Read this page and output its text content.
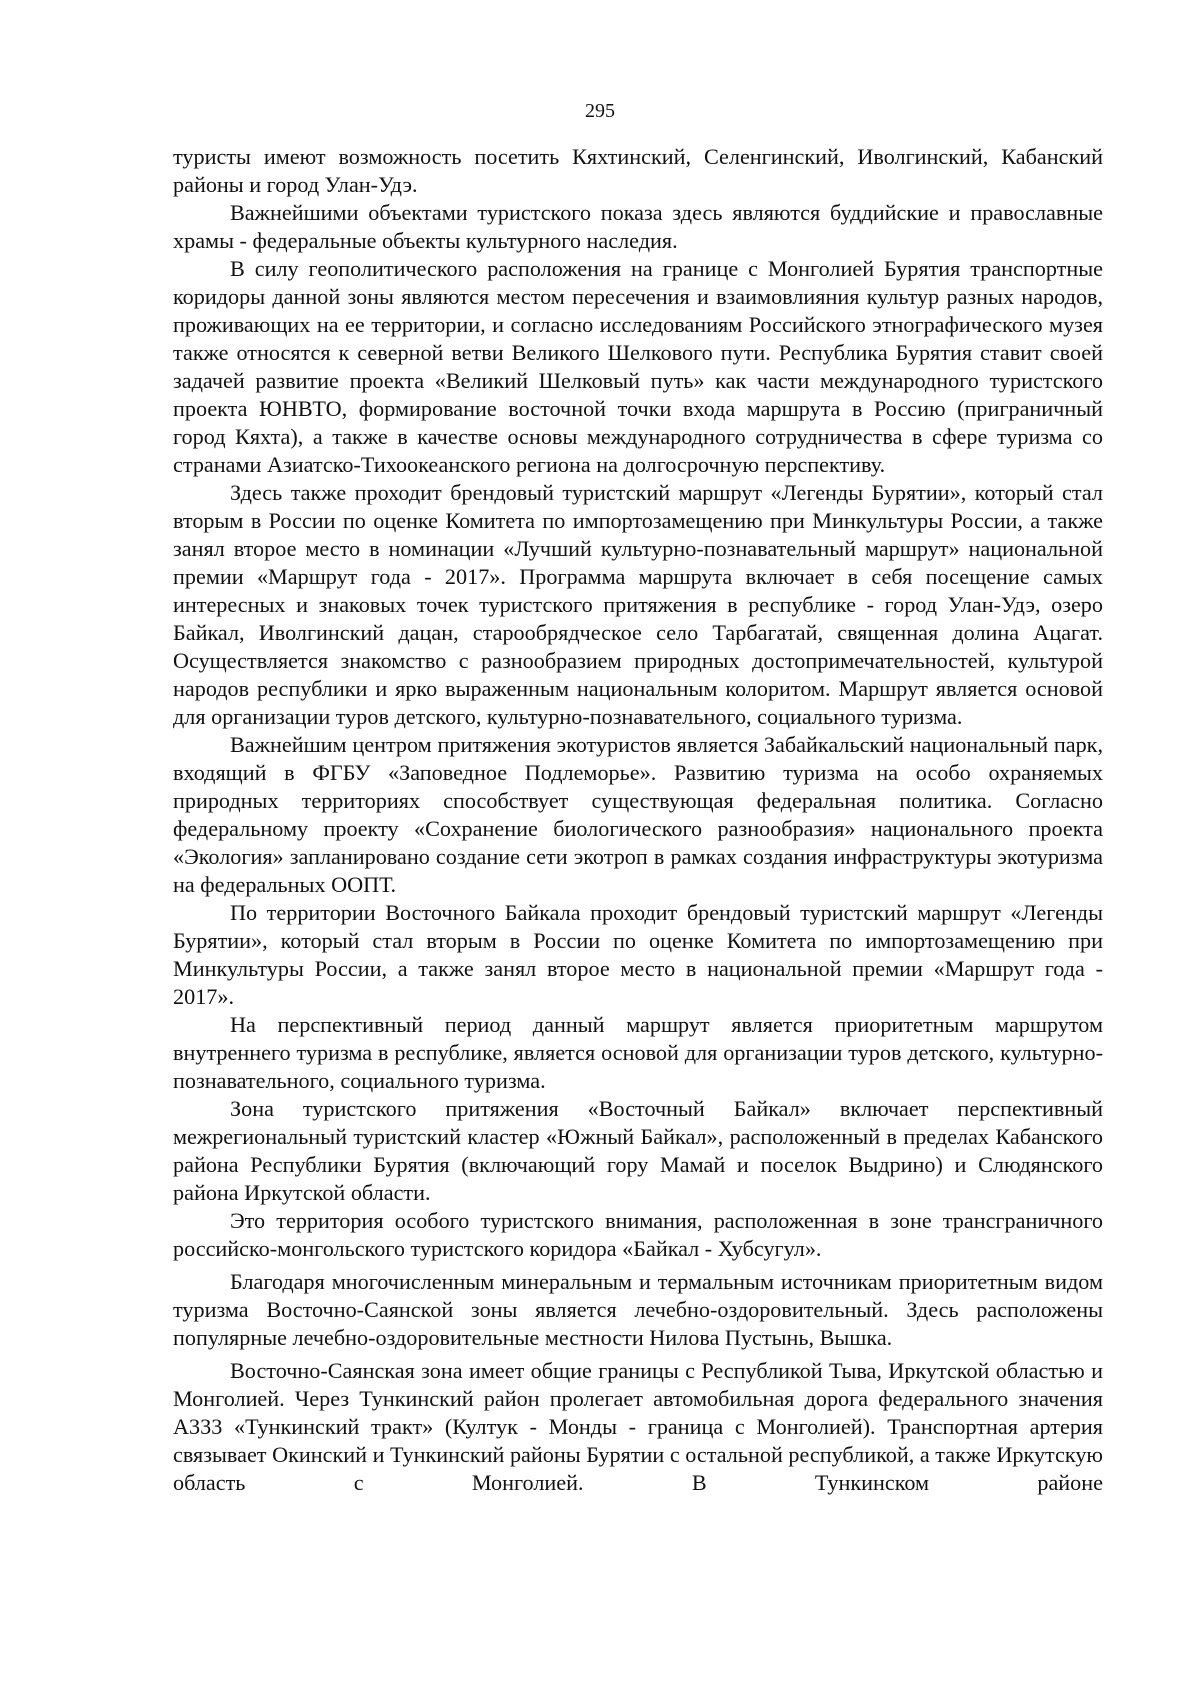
295

туристы имеют возможность посетить Кяхтинский, Селенгинский, Иволгинский, Кабанский районы и город Улан-Удэ.

Важнейшими объектами туристского показа здесь являются буддийские и православные храмы - федеральные объекты культурного наследия.

В силу геополитического расположения на границе с Монголией Бурятия транспортные коридоры данной зоны являются местом пересечения и взаимовлияния культур разных народов, проживающих на ее территории, и согласно исследованиям Российского этнографического музея также относятся к северной ветви Великого Шелкового пути. Республика Бурятия ставит своей задачей развитие проекта «Великий Шелковый путь» как части международного туристского проекта ЮНВТО, формирование восточной точки входа маршрута в Россию (приграничный город Кяхта), а также в качестве основы международного сотрудничества в сфере туризма со странами Азиатско-Тихоокеанского региона на долгосрочную перспективу.

Здесь также проходит брендовый туристский маршрут «Легенды Бурятии», который стал вторым в России по оценке Комитета по импортозамещению при Минкультуры России, а также занял второе место в номинации «Лучший культурно-познавательный маршрут» национальной премии «Маршрут года - 2017». Программа маршрута включает в себя посещение самых интересных и знаковых точек туристского притяжения в республике - город Улан-Удэ, озеро Байкал, Иволгинский дацан, старообрядческое село Тарбагатай, священная долина Ацагат. Осуществляется знакомство с разнообразием природных достопримечательностей, культурой народов республики и ярко выраженным национальным колоритом. Маршрут является основой для организации туров детского, культурно-познавательного, социального туризма.

Важнейшим центром притяжения экотуристов является Забайкальский национальный парк, входящий в ФГБУ «Заповедное Подлеморье». Развитию туризма на особо охраняемых природных территориях способствует существующая федеральная политика. Согласно федеральному проекту «Сохранение биологического разнообразия» национального проекта «Экология» запланировано создание сети экотроп в рамках создания инфраструктуры экотуризма на федеральных ООПТ.

По территории Восточного Байкала проходит брендовый туристский маршрут «Легенды Бурятии», который стал вторым в России по оценке Комитета по импортозамещению при Минкультуры России, а также занял второе место в национальной премии «Маршрут года - 2017».

На перспективный период данный маршрут является приоритетным маршрутом внутреннего туризма в республике, является основой для организации туров детского, культурно-познавательного, социального туризма.

Зона туристского притяжения «Восточный Байкал» включает перспективный межрегиональный туристский кластер «Южный Байкал», расположенный в пределах Кабанского района Республики Бурятия (включающий гору Мамай и поселок Выдрино) и Слюдянского района Иркутской области.

Это территория особого туристского внимания, расположенная в зоне трансграничного российско-монгольского туристского коридора «Байкал - Хубсугул».

Благодаря многочисленным минеральным и термальным источникам приоритетным видом туризма Восточно-Саянской зоны является лечебно-оздоровительный. Здесь расположены популярные лечебно-оздоровительные местности Нилова Пустынь, Вышка.

Восточно-Саянская зона имеет общие границы с Республикой Тыва, Иркутской областью и Монголией. Через Тункинский район пролегает автомобильная дорога федерального значения А333 «Тункинский тракт» (Култук - Монды - граница с Монголией). Транспортная артерия связывает Окинский и Тункинский районы Бурятии с остальной республикой, а также Иркутскую область с Монголией. В Тункинском районе
